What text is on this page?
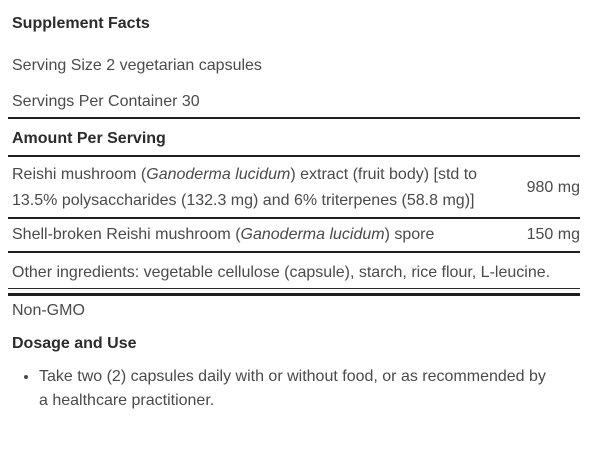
Supplement Facts

Serving Size 2 vegetarian capsules

Servings Per Container 30

Amount Per Serving

Reishi mushroom (Ganoderma lucidum) extract (fruit body) [std to 13.5% polysaccharides (132.3 mg) and 6% triterpenes (58.8 mg)]

980 mg

Shell-broken Reishi mushroom (Ganoderma lucidum) spore	150 mg

Other ingredients: vegetable cellulose (capsule), starch, rice flour, L-leucine.

Non-GMO

Dosage and Use
• Take two (2) capsules daily with or without food, or as recommended by a healthcare practitioner.
